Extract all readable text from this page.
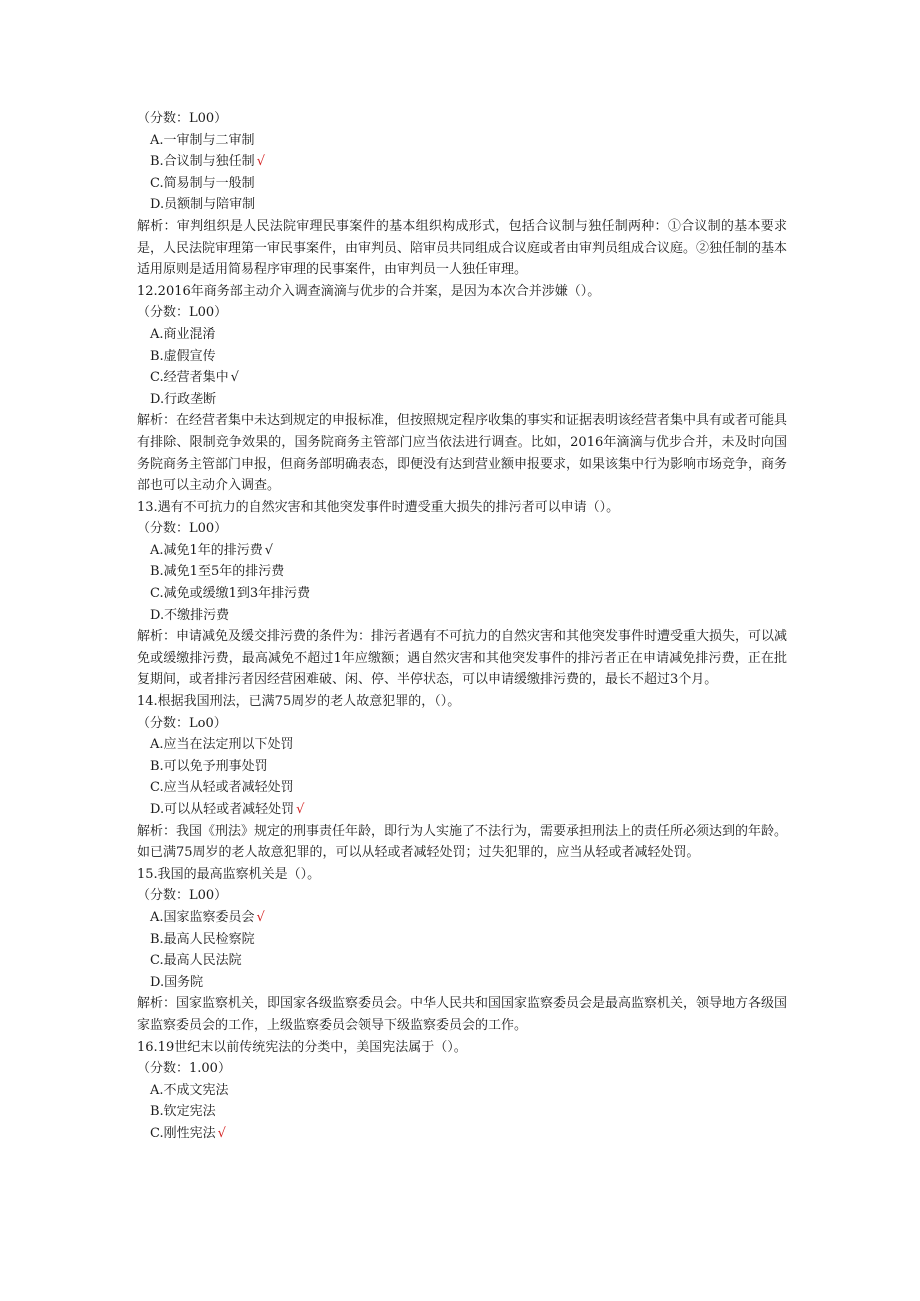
（分数：L00）
A.一审制与二审制
B.合议制与独任制 √
C.简易制与一般制
D.员额制与陪审制
解析：审判组织是人民法院审理民事案件的基本组织构成形式，包括合议制与独任制两种：①合议制的基本要求是，人民法院审理第一审民事案件，由审判员、陪审员共同组成合议庭或者由审判员组成合议庭。②独任制的基本适用原则是适用简易程序审理的民事案件，由审判员一人独任审理。
12.2016年商务部主动介入调查滴滴与优步的合并案，是因为本次合并涉嫌（）。
（分数：L00）
A.商业混淆
B.虚假宣传
C.经营者集中 √
D.行政垄断
解析：在经营者集中未达到规定的申报标准，但按照规定程序收集的事实和证据表明该经营者集中具有或者可能具有排除、限制竞争效果的，国务院商务主管部门应当依法进行调查。比如，2016年滴滴与优步合并，未及时向国务院商务主管部门申报，但商务部明确表态，即便没有达到营业额申报要求，如果该集中行为影响市场竞争，商务部也可以主动介入调查。
13.遇有不可抗力的自然灾害和其他突发事件时遭受重大损失的排污者可以申请（）。
（分数：L00）
A.减免1年的排污费 √
B.减免1至5年的排污费
C.减免或缓缴1到3年排污费
D.不缴排污费
解析：申请减免及缓交排污费的条件为：排污者遇有不可抗力的自然灾害和其他突发事件时遭受重大损失，可以减免或缓缴排污费，最高减免不超过1年应缴额；遇自然灾害和其他突发事件的排污者正在申请减免排污费，正在批复期间，或者排污者因经营困难破、闲、停、半停状态，可以申请缓缴排污费的，最长不超过3个月。
14.根据我国刑法，已满75周岁的老人故意犯罪的，（）。
（分数：Lo0）
A.应当在法定刑以下处罚
B.可以免予刑事处罚
C.应当从轻或者减轻处罚
D.可以从轻或者减轻处罚 √
解析：我国《刑法》规定的刑事责任年龄，即行为人实施了不法行为，需要承担刑法上的责任所必须达到的年龄。如已满75周岁的老人故意犯罪的，可以从轻或者减轻处罚；过失犯罪的，应当从轻或者减轻处罚。
15.我国的最高监察机关是（）。
（分数：L00）
A.国家监察委员会 √
B.最高人民检察院
C.最高人民法院
D.国务院
解析：国家监察机关，即国家各级监察委员会。中华人民共和国国家监察委员会是最高监察机关，领导地方各级国家监察委员会的工作，上级监察委员会领导下级监察委员会的工作。
16.19世纪末以前传统宪法的分类中，美国宪法属于（）。
（分数：1.00）
A.不成文宪法
B.钦定宪法
C.刚性宪法 √
